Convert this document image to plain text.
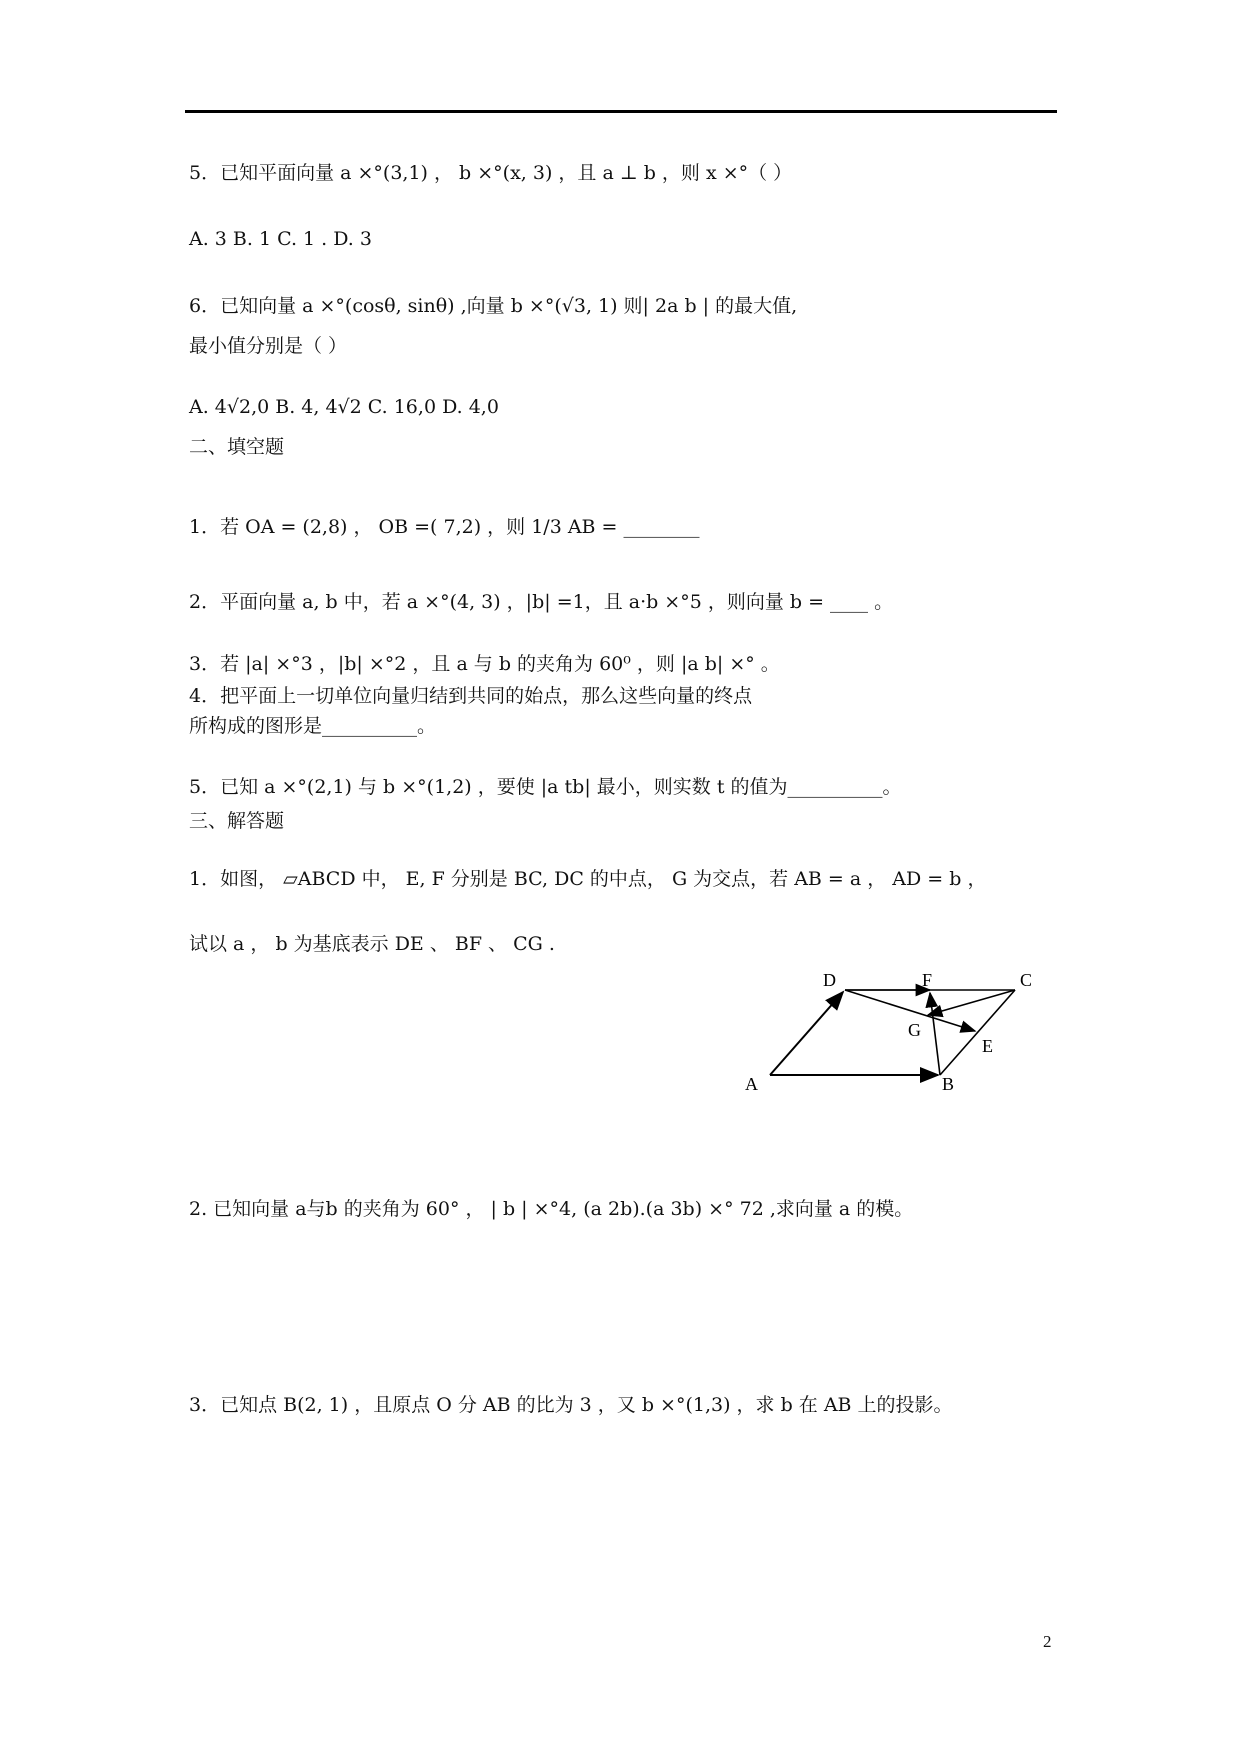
5．已知平面向量 a ×°(3,1) ， b ×°(x, 3) ，且 a ⊥ b ，则 x ×°（ ）
A. 3 B. 1 C. 1 . D. 3
6．已知向量 a ×°(cosθ, sinθ) ,向量 b ×°(√3, 1) 则| 2a b | 的最大值,
最小值分别是（ ）
A. 4√2,0 B. 4, 4√2 C. 16,0 D. 4,0
二、填空题
1．若 OA = (2,8) ， OB =( 7,2) ，则 1/3 AB = ________
2．平面向量 a, b 中，若 a ×°(4, 3) ，|b| =1，且 a·b ×°5 ，则向量 b = ____ 。
3．若 |a| ×°3 ，|b| ×°2 ，且 a 与 b 的夹角为 60⁰ ，则 |a b| ×° 。
4．把平面上一切单位向量归结到共同的始点，那么这些向量的终点
所构成的图形是__________。
5．已知 a ×°(2,1) 与 b ×°(1,2) ，要使 |a tb| 最小，则实数 t 的值为__________。
三、解答题
1．如图， ▱ABCD 中， E, F 分别是 BC, DC 的中点， G 为交点，若 AB = a ， AD = b ，
试以 a ， b 为基底表示 DE 、 BF 、 CG .
2. 已知向量 a与b 的夹角为 60° ， | b | ×°4, (a 2b).(a 3b) ×° 72 ,求向量 a 的模。
3．已知点 B(2, 1) ，且原点 O 分 AB 的比为 3 ，又 b ×°(1,3) ，求 b 在 AB 上的投影。
A	B
C
D
E
F
G
2
